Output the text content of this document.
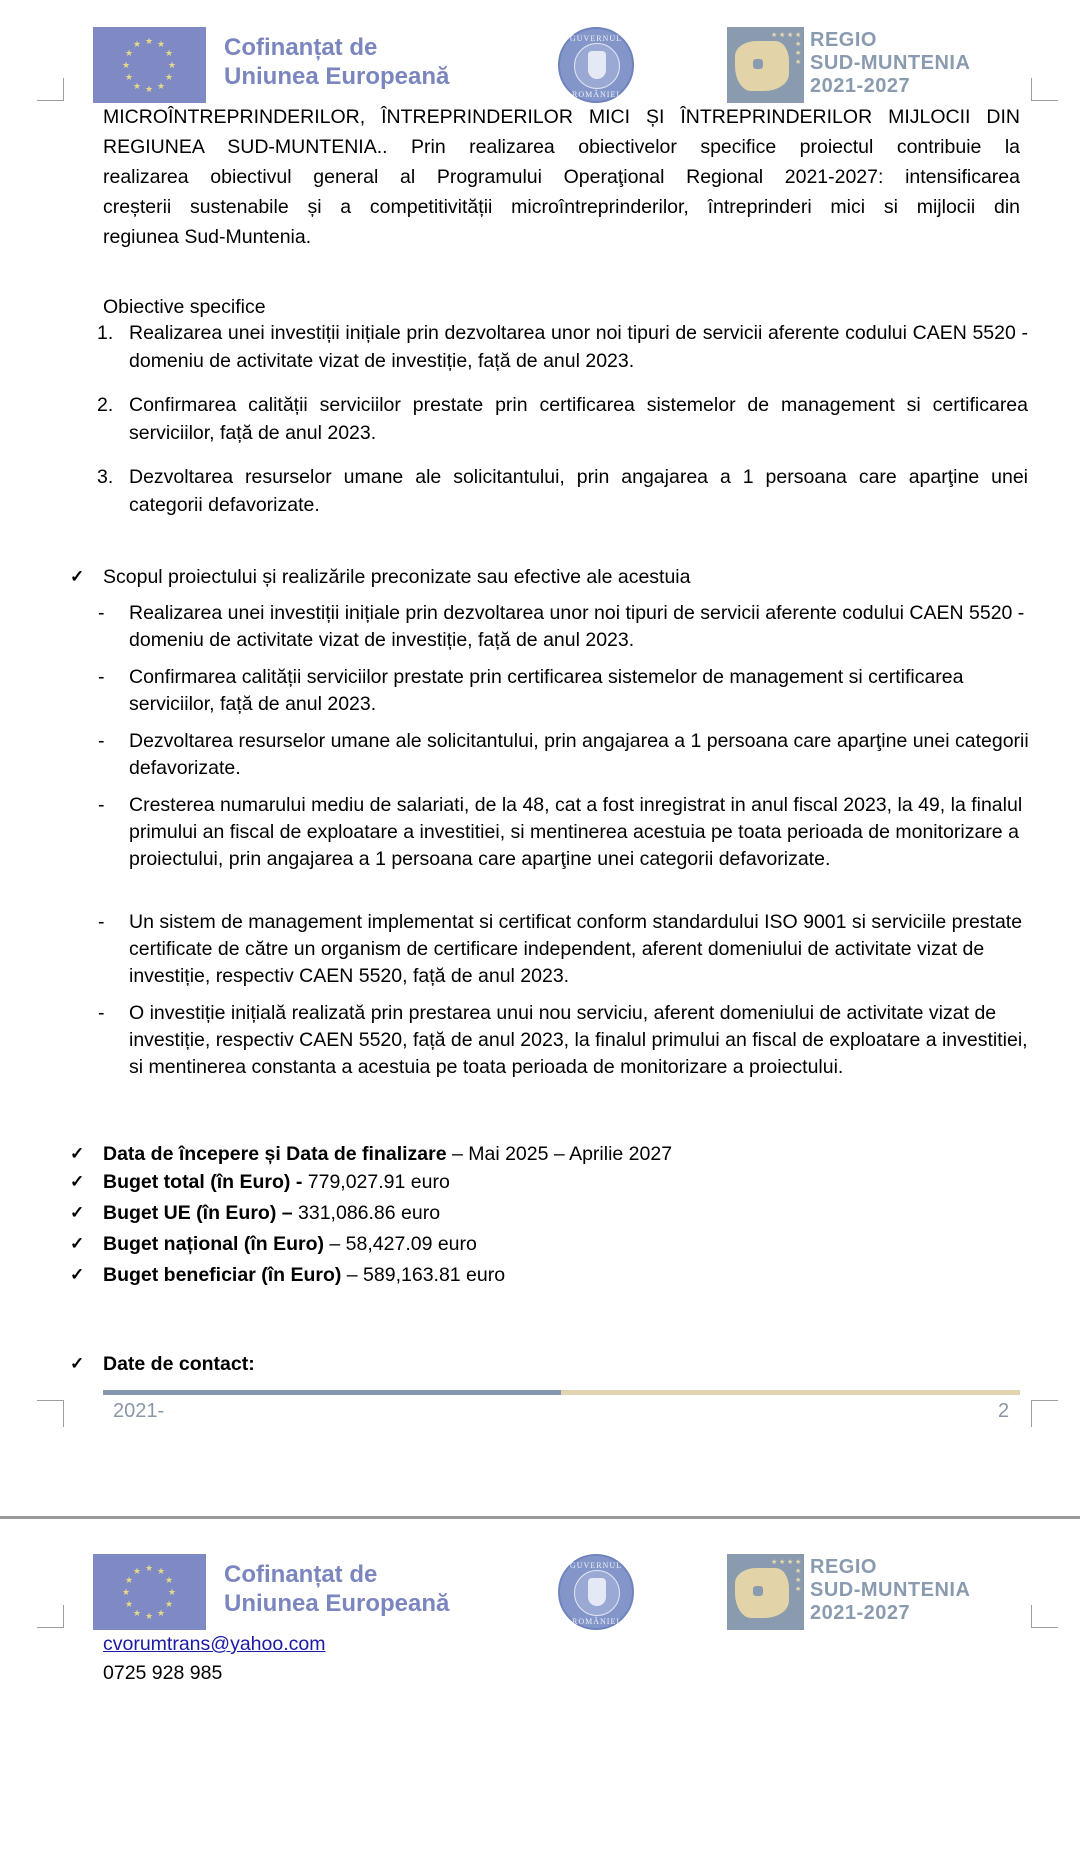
★ ★
★
★
★
★
★
★
★
★
★ ★
Cofinanțat de
Uniunea Europeană
GUVERNUL
ROMÂNIEI
★ ★ ★ ★
★
★
★
REGIO
SUD-MUNTENIA
2021-2027
MICROÎNTREPRINDERILOR, ÎNTREPRINDERILOR MICI ȘI ÎNTREPRINDERILOR MIJLOCII DIN
REGIUNEA SUD-MUNTENIA.. Prin realizarea obiectivelor specifice proiectul contribuie la
realizarea obiectivul general al Programului Operaţional Regional 2021-2027: intensificarea
creșterii sustenabile și a competitivității microîntreprinderilor, întreprinderi mici si mijlocii din
regiunea Sud-Muntenia.
Obiective specifice
1. Realizarea unei investiții inițiale prin dezvoltarea unor noi tipuri de servicii aferente codului CAEN 5520 - domeniu de activitate vizat de investiție, față de anul 2023.
2. Confirmarea calității serviciilor prestate prin certificarea sistemelor de management si certificarea serviciilor, față de anul 2023.
3. Dezvoltarea resurselor umane ale solicitantului, prin angajarea a 1 persoana care aparţine unei categorii defavorizate.
✓ Scopul proiectului și realizările preconizate sau efective ale acestuia
- Realizarea unei investiții inițiale prin dezvoltarea unor noi tipuri de servicii aferente codului CAEN 5520 - domeniu de activitate vizat de investiție, față de anul 2023.
- Confirmarea calității serviciilor prestate prin certificarea sistemelor de management si certificarea serviciilor, față de anul 2023.
- Dezvoltarea resurselor umane ale solicitantului, prin angajarea a 1 persoana care aparţine unei categorii defavorizate.
- Cresterea numarului mediu de salariati, de la 48, cat a fost inregistrat in anul fiscal 2023, la 49, la finalul primului an fiscal de exploatare a investitiei, si mentinerea acestuia pe toata perioada de monitorizare a proiectului, prin angajarea a 1 persoana care aparţine unei categorii defavorizate.
- Un sistem de management implementat si certificat conform standardului ISO 9001 si serviciile prestate certificate de către un organism de certificare independent, aferent domeniului de activitate vizat de investiție, respectiv CAEN 5520, față de anul 2023.
- O investiție inițială realizată prin prestarea unui nou serviciu, aferent domeniului de activitate vizat de investiție, respectiv CAEN 5520, față de anul 2023, la finalul primului an fiscal de exploatare a investitiei, si mentinerea constanta a acestuia pe toata perioada de monitorizare a proiectului.
✓ Data de începere și Data de finalizare – Mai 2025 – Aprilie 2027
✓ Buget total (în Euro) - 779,027.91 euro
✓ Buget UE (în Euro) – 331,086.86 euro
✓ Buget național (în Euro) – 58,427.09 euro
✓ Buget beneficiar (în Euro) – 589,163.81 euro
✓ Date de contact:
2021-	2
★ ★
★
★
★
★
★
★
★
★
★ ★
Cofinanțat de
Uniunea Europeană
GUVERNUL
ROMÂNIEI
★ ★ ★ ★
★
★
★
REGIO
SUD-MUNTENIA
2021-2027
cvorumtrans@yahoo.com
0725 928 985
